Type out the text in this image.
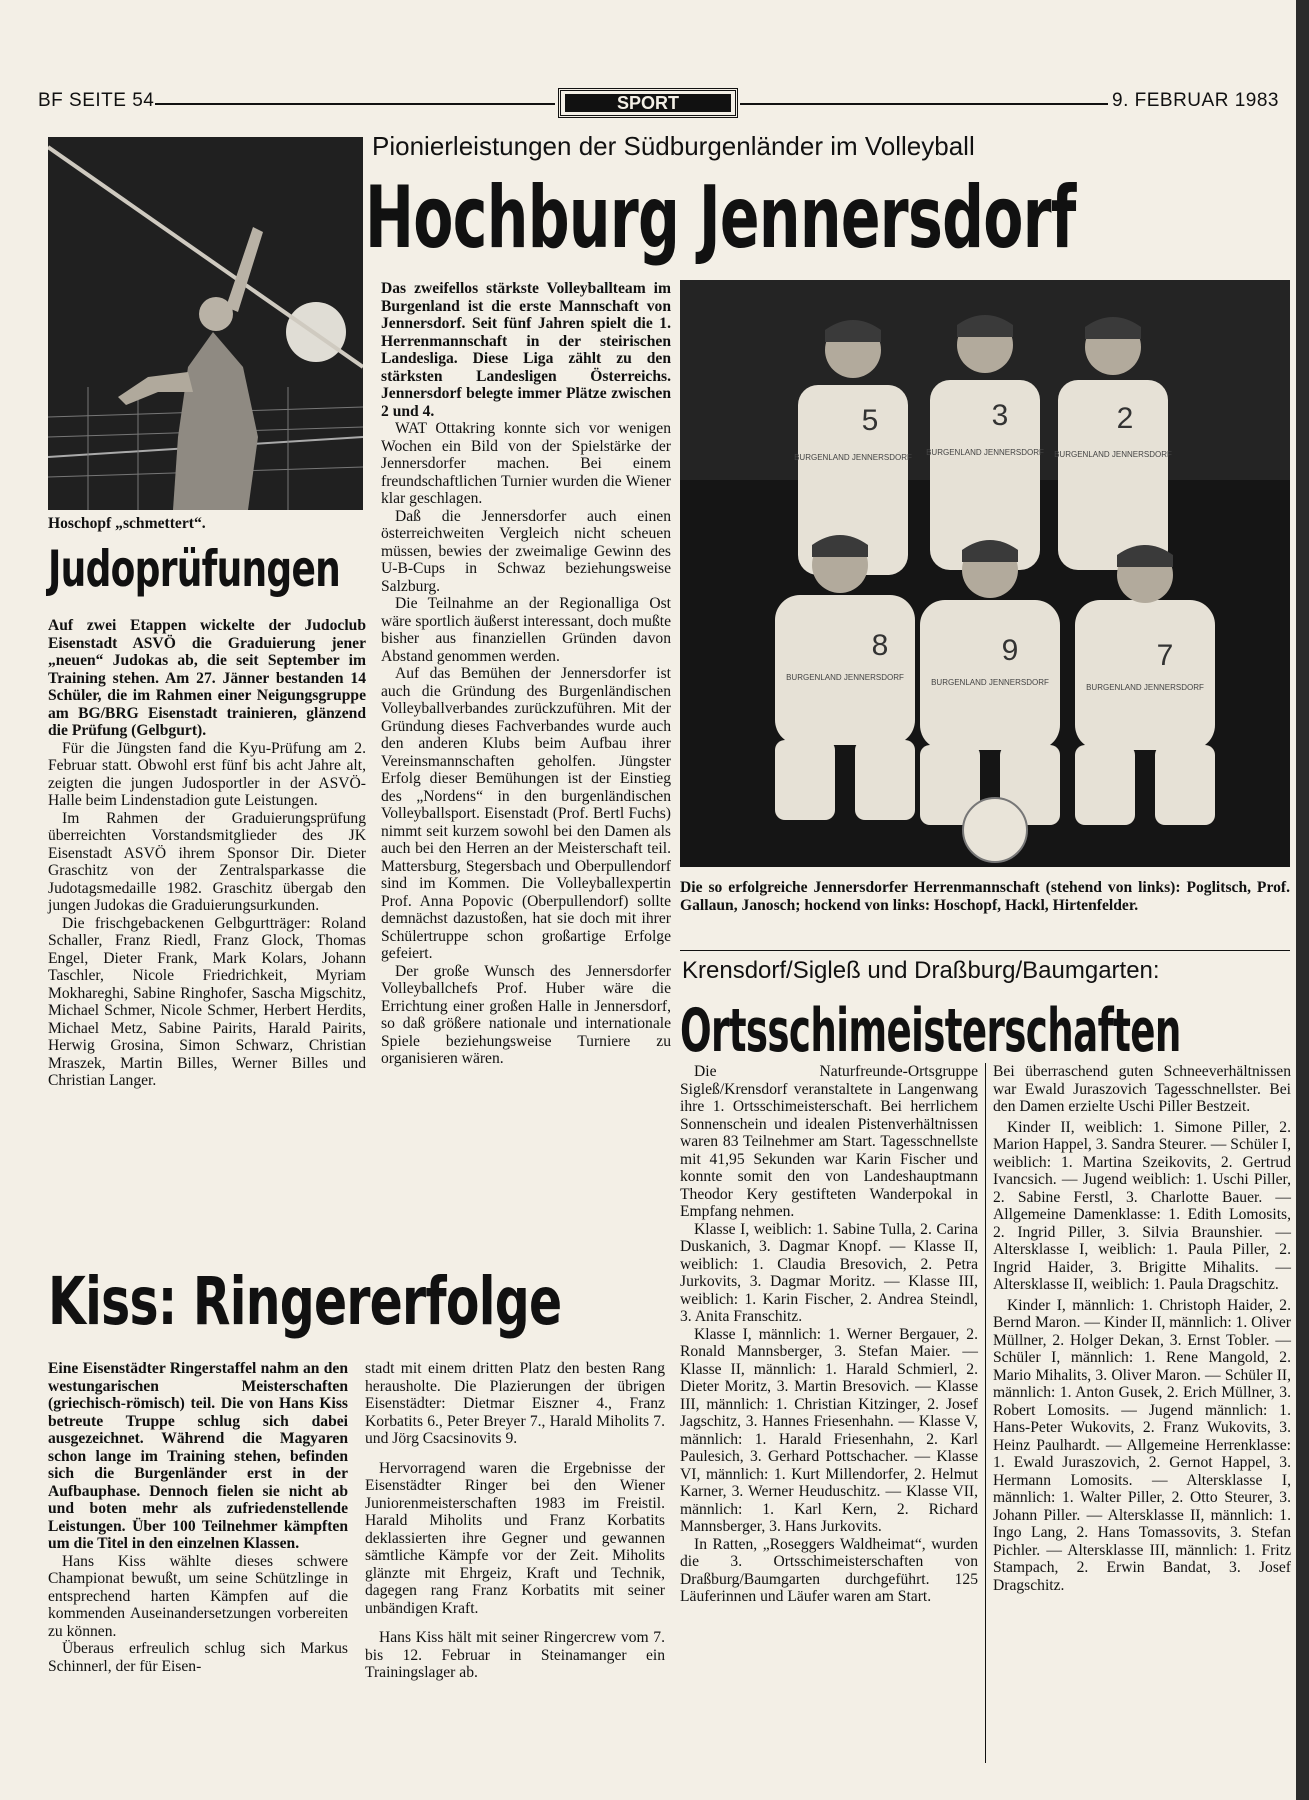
BF SEITE 54	SPORT	9. FEBRUAR 1983
Hoschopf „schmettert“.
Judoprüfungen

Auf zwei Etappen wickelte der Judoclub Eisenstadt ASVÖ die Graduierung jener „neuen“ Judokas ab, die seit September im Training stehen. Am 27. Jänner bestanden 14 Schüler, die im Rahmen einer Neigungsgruppe am BG/BRG Eisenstadt trainieren, glänzend die Prüfung (Gelbgurt).

Für die Jüngsten fand die Kyu-Prüfung am 2. Februar statt. Obwohl erst fünf bis acht Jahre alt, zeigten die jungen Judosportler in der ASVÖ-Halle beim Lindenstadion gute Leistungen.

Im Rahmen der Graduierungsprüfung überreichten Vorstandsmitglieder des JK Eisenstadt ASVÖ ihrem Sponsor Dir. Dieter Graschitz von der Zentralsparkasse die Judotagsmedaille 1982. Graschitz übergab den jungen Judokas die Graduierungsurkunden.

Die frischgebackenen Gelbgurtträger: Roland Schaller, Franz Riedl, Franz Glock, Thomas Engel, Dieter Frank, Mark Kolars, Johann Taschler, Nicole Friedrichkeit, Myriam Mokhareghi, Sabine Ringhofer, Sascha Migschitz, Michael Schmer, Nicole Schmer, Herbert Herdits, Michael Metz, Sabine Pairits, Harald Pairits, Herwig Grosina, Simon Schwarz, Christian Mraszek, Martin Billes, Werner Billes und Christian Langer.

Pionierleistungen der Südburgenländer im Volleyball
Hochburg Jennersdorf

Das zweifellos stärkste Volleyballteam im Burgenland ist die erste Mannschaft von Jennersdorf. Seit fünf Jahren spielt die 1. Herrenmannschaft in der steirischen Landesliga. Diese Liga zählt zu den stärksten Landesligen Österreichs. Jennersdorf belegte immer Plätze zwischen 2 und 4.

WAT Ottakring konnte sich vor wenigen Wochen ein Bild von der Spielstärke der Jennersdorfer machen. Bei einem freundschaftlichen Turnier wurden die Wiener klar geschlagen.

Daß die Jennersdorfer auch einen österreichweiten Vergleich nicht scheuen müssen, bewies der zweimalige Gewinn des U-B-Cups in Schwaz beziehungsweise Salzburg.

Die Teilnahme an der Regionalliga Ost wäre sportlich äußerst interessant, doch mußte bisher aus finanziellen Gründen davon Abstand genommen werden.

Auf das Bemühen der Jennersdorfer ist auch die Gründung des Burgenländischen Volleyballverbandes zurückzuführen. Mit der Gründung dieses Fachverbandes wurde auch den anderen Klubs beim Aufbau ihrer Vereinsmannschaften geholfen. Jüngster Erfolg dieser Bemühungen ist der Einstieg des „Nordens“ in den burgenländischen Volleyballsport. Eisenstadt (Prof. Bertl Fuchs) nimmt seit kurzem sowohl bei den Damen als auch bei den Herren an der Meisterschaft teil. Mattersburg, Stegersbach und Oberpullendorf sind im Kommen. Die Volleyballexpertin Prof. Anna Popovic (Oberpullendorf) sollte demnächst dazustoßen, hat sie doch mit ihrer Schülertruppe schon großartige Erfolge gefeiert.

Der große Wunsch des Jennersdorfer Volleyballchefs Prof. Huber wäre die Errichtung einer großen Halle in Jennersdorf, so daß größere nationale und internationale Spiele beziehungsweise Turniere zu organisieren wären.

5	3	2
8	9	7
BURGENLAND JENNERSDORF
BURGENLAND JENNERSDORF BURGENLAND JENNERSDORF
BURGENLAND JENNERSDORF
BURGENLAND JENNERSDORF
BURGENLAND JENNERSDORF
Die so erfolgreiche Jennersdorfer Herrenmannschaft (stehend von links): Poglitsch, Prof. Gallaun, Janosch; hockend von links: Hoschopf, Hackl, Hirtenfelder.
Krensdorf/Sigleß und Draßburg/Baumgarten:
Ortsschimeisterschaften

Die Naturfreunde-Ortsgruppe Sigleß/Krensdorf veranstaltete in Langenwang ihre 1. Ortsschimeisterschaft. Bei herrlichem Sonnenschein und idealen Pistenverhältnissen waren 83 Teilnehmer am Start. Tagesschnellste mit 41,95 Sekunden war Karin Fischer und konnte somit den von Landeshauptmann Theodor Kery gestifteten Wanderpokal in Empfang nehmen.

Klasse I, weiblich: 1. Sabine Tulla, 2. Carina Duskanich, 3. Dagmar Knopf. — Klasse II, weiblich: 1. Claudia Bresovich, 2. Petra Jurkovits, 3. Dagmar Moritz. — Klasse III, weiblich: 1. Karin Fischer, 2. Andrea Steindl, 3. Anita Franschitz.

Klasse I, männlich: 1. Werner Bergauer, 2. Ronald Mannsberger, 3. Stefan Maier. — Klasse II, männlich: 1. Harald Schmierl, 2. Dieter Moritz, 3. Martin Bresovich. — Klasse III, männlich: 1. Christian Kitzinger, 2. Josef Jagschitz, 3. Hannes Friesenhahn. — Klasse V, männlich: 1. Harald Friesenhahn, 2. Karl Paulesich, 3. Gerhard Pottschacher. — Klasse VI, männlich: 1. Kurt Millendorfer, 2. Helmut Karner, 3. Werner Heuduschitz. — Klasse VII, männlich: 1. Karl Kern, 2. Richard Mannsberger, 3. Hans Jurkovits.

In Ratten, „Roseggers Waldheimat“, wurden die 3. Ortsschimeisterschaften von Draßburg/Baumgarten durchgeführt. 125 Läuferinnen und Läufer waren am Start.

Bei überraschend guten Schneeverhältnissen war Ewald Juraszovich Tagesschnellster. Bei den Damen erzielte Uschi Piller Bestzeit.

Kinder II, weiblich: 1. Simone Piller, 2. Marion Happel, 3. Sandra Steurer. — Schüler I, weiblich: 1. Martina Szeikovits, 2. Gertrud Ivancsich. — Jugend weiblich: 1. Uschi Piller, 2. Sabine Ferstl, 3. Charlotte Bauer. — Allgemeine Damenklasse: 1. Edith Lomosits, 2. Ingrid Piller, 3. Silvia Braunshier. — Altersklasse I, weiblich: 1. Paula Piller, 2. Ingrid Haider, 3. Brigitte Mihalits. — Altersklasse II, weiblich: 1. Paula Dragschitz.

Kinder I, männlich: 1. Christoph Haider, 2. Bernd Maron. — Kinder II, männlich: 1. Oliver Müllner, 2. Holger Dekan, 3. Ernst Tobler. — Schüler I, männlich: 1. Rene Mangold, 2. Mario Mihalits, 3. Oliver Maron. — Schüler II, männlich: 1. Anton Gusek, 2. Erich Müllner, 3. Robert Lomosits. — Jugend männlich: 1. Hans-Peter Wukovits, 2. Franz Wukovits, 3. Heinz Paulhardt. — Allgemeine Herrenklasse: 1. Ewald Juraszovich, 2. Gernot Happel, 3. Hermann Lomosits. — Altersklasse I, männlich: 1. Walter Piller, 2. Otto Steurer, 3. Johann Piller. — Altersklasse II, männlich: 1. Ingo Lang, 2. Hans Tomassovits, 3. Stefan Pichler. — Altersklasse III, männlich: 1. Fritz Stampach, 2. Erwin Bandat, 3. Josef Dragschitz.

Kiss: Ringererfolge

Eine Eisenstädter Ringerstaffel nahm an den westungarischen Meisterschaften (griechisch-römisch) teil. Die von Hans Kiss betreute Truppe schlug sich dabei ausgezeichnet. Während die Magyaren schon lange im Training stehen, befinden sich die Burgenländer erst in der Aufbauphase. Dennoch fielen sie nicht ab und boten mehr als zufriedenstellende Leistungen. Über 100 Teilnehmer kämpften um die Titel in den einzelnen Klassen.

Hans Kiss wählte dieses schwere Championat bewußt, um seine Schützlinge in entsprechend harten Kämpfen auf die kommenden Auseinandersetzungen vorbereiten zu können.

Überaus erfreulich schlug sich Markus Schinnerl, der für Eisen-

stadt mit einem dritten Platz den besten Rang herausholte. Die Plazierungen der übrigen Eisenstädter: Dietmar Eiszner 4., Franz Korbatits 6., Peter Breyer 7., Harald Miholits 7. und Jörg Csacsinovits 9.

Hervorragend waren die Ergebnisse der Eisenstädter Ringer bei den Wiener Juniorenmeisterschaften 1983 im Freistil. Harald Miholits und Franz Korbatits deklassierten ihre Gegner und gewannen sämtliche Kämpfe vor der Zeit. Miholits glänzte mit Ehrgeiz, Kraft und Technik, dagegen rang Franz Korbatits mit seiner unbändigen Kraft.

Hans Kiss hält mit seiner Ringercrew vom 7. bis 12. Februar in Steinamanger ein Trainingslager ab.
